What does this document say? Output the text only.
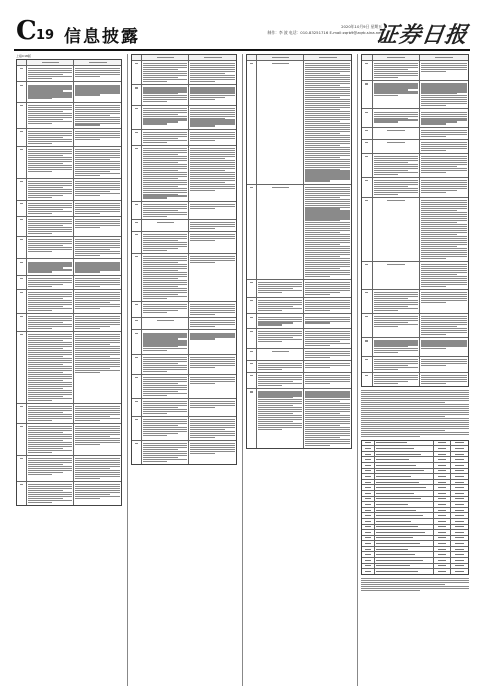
C 19 信息披露
2020年10月9日 星期五
制作：李 波 电话：010-83251716 E-mail:zqrb9@zqrb.sina.net
证券日报
上接C18版
